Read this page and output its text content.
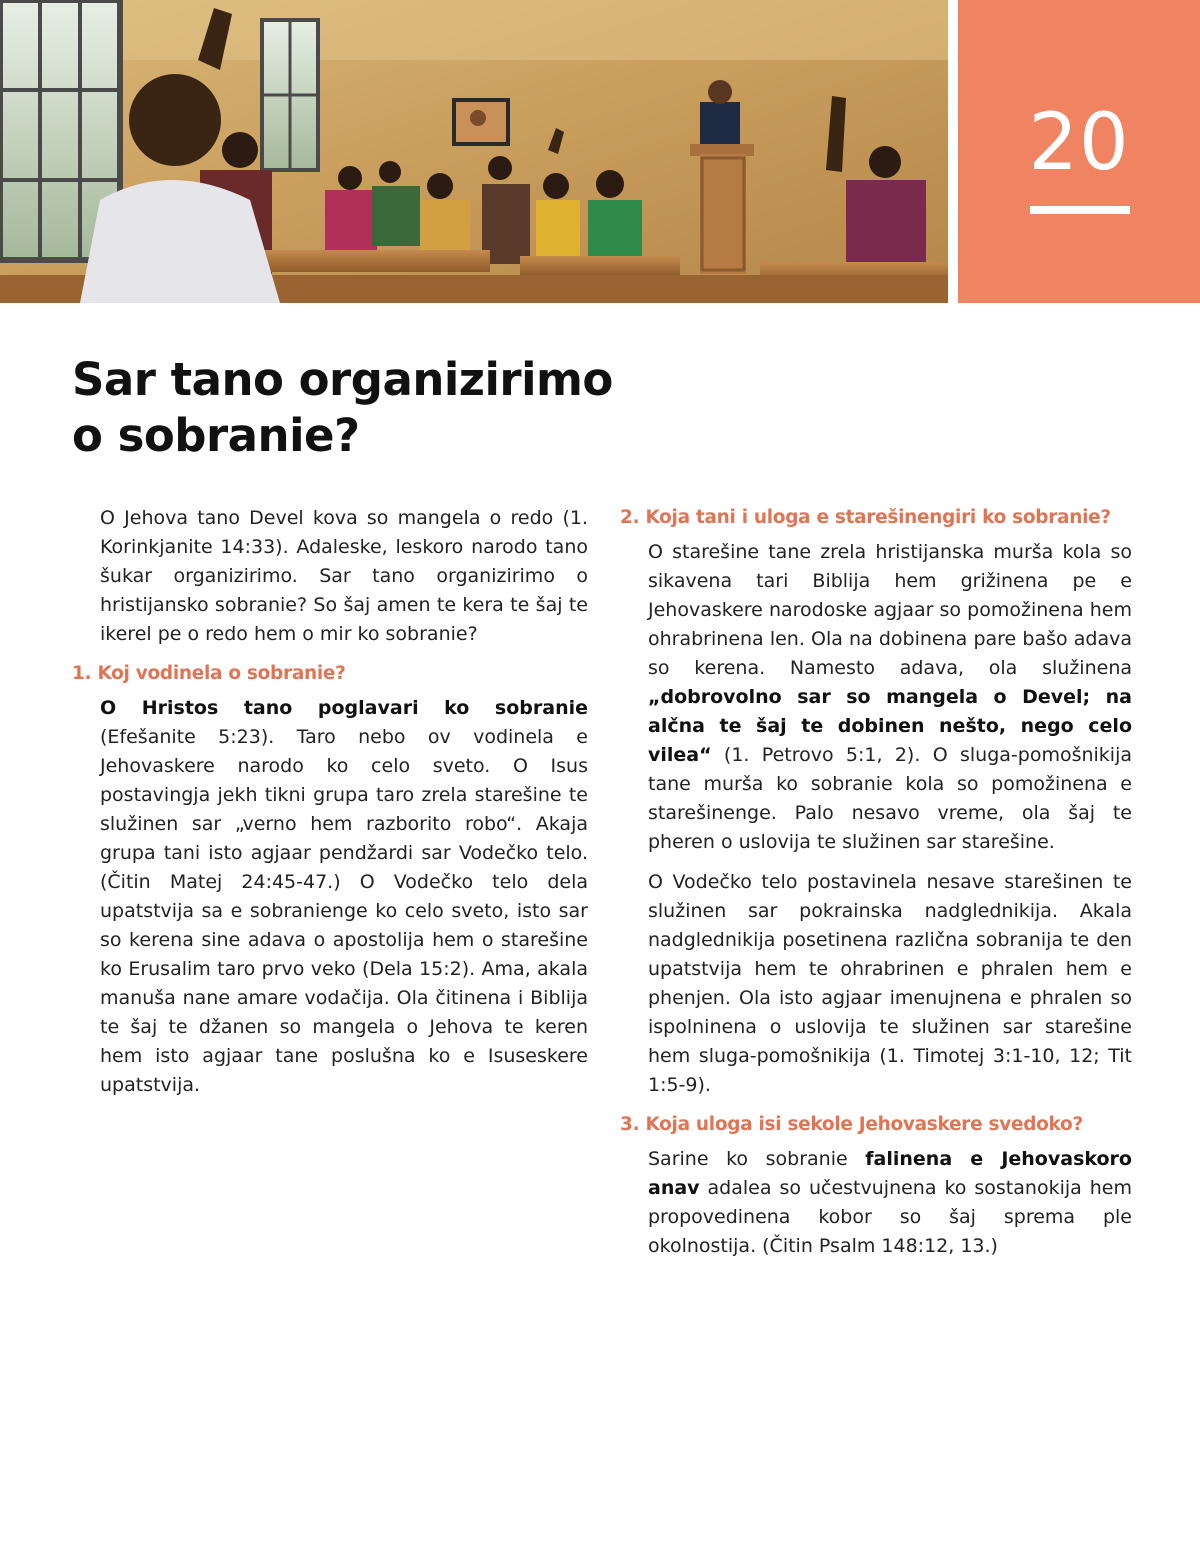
20
Sar tano organizirimo
o sobranie?

O Jehova tano Devel kova so mangela o redo (1. Korinkjanite 14:33). Adaleske, leskoro narodo tano šukar organizirimo. Sar tano organizirimo o hristijansko sobranie? So šaj amen te kera te šaj te ikerel pe o redo hem o mir ko sobranie?

1. Koj vodinela o sobranie?

O Hristos tano poglavari ko sobranie (Efešanite 5:23). Taro nebo ov vodinela e Jehovaskere narodo ko celo sveto. O Isus postavingja jekh tikni grupa taro zrela starešine te služinen sar „verno hem razborito robo“. Akaja grupa tani isto agjaar pendžardi sar Vodečko telo. (Čitin Matej 24:45-47.) O Vodečko telo dela upatstvija sa e sobranienge ko celo sveto, isto sar so kerena sine adava o apostolija hem o starešine ko Erusalim taro prvo veko (Dela 15:2). Ama, akala manuša nane amare vodačija. Ola čitinena i Biblija te šaj te džanen so mangela o Jehova te keren hem isto agjaar tane poslušna ko e Isuseskere upatstvija.

2. Koja tani i uloga e starešinengiri ko sobranie?

O starešine tane zrela hristijanska murša kola so sikavena tari Biblija hem grižinena pe e Jehovaskere narodoske agjaar so pomožinena hem ohrabrinena len. Ola na dobinena pare bašo adava so kerena. Namesto adava, ola služinena „dobrovolno sar so mangela o Devel; na alčna te šaj te dobinen nešto, nego celo vilea“ (1. Petrovo 5:1, 2). O sluga-pomošnikija tane murša ko sobranie kola so pomožinena e starešinenge. Palo nesavo vreme, ola šaj te pheren o uslovija te služinen sar starešine.

O Vodečko telo postavinela nesave starešinen te služinen sar pokrainska nadglednikija. Akala nadglednikija posetinena različna sobranija te den upatstvija hem te ohrabrinen e phralen hem e phenjen. Ola isto agjaar imenujnena e phralen so ispolninena o uslovija te služinen sar starešine hem sluga-pomošnikija (1. Timotej 3:1-10, 12; Tit 1:5-9).

3. Koja uloga isi sekole Jehovaskere svedoko?

Sarine ko sobranie falinena e Jehovaskoro anav adalea so učestvujnena ko sostanokija hem propovedinena kobor so šaj sprema ple okolnostija. (Čitin Psalm 148:12, 13.)
